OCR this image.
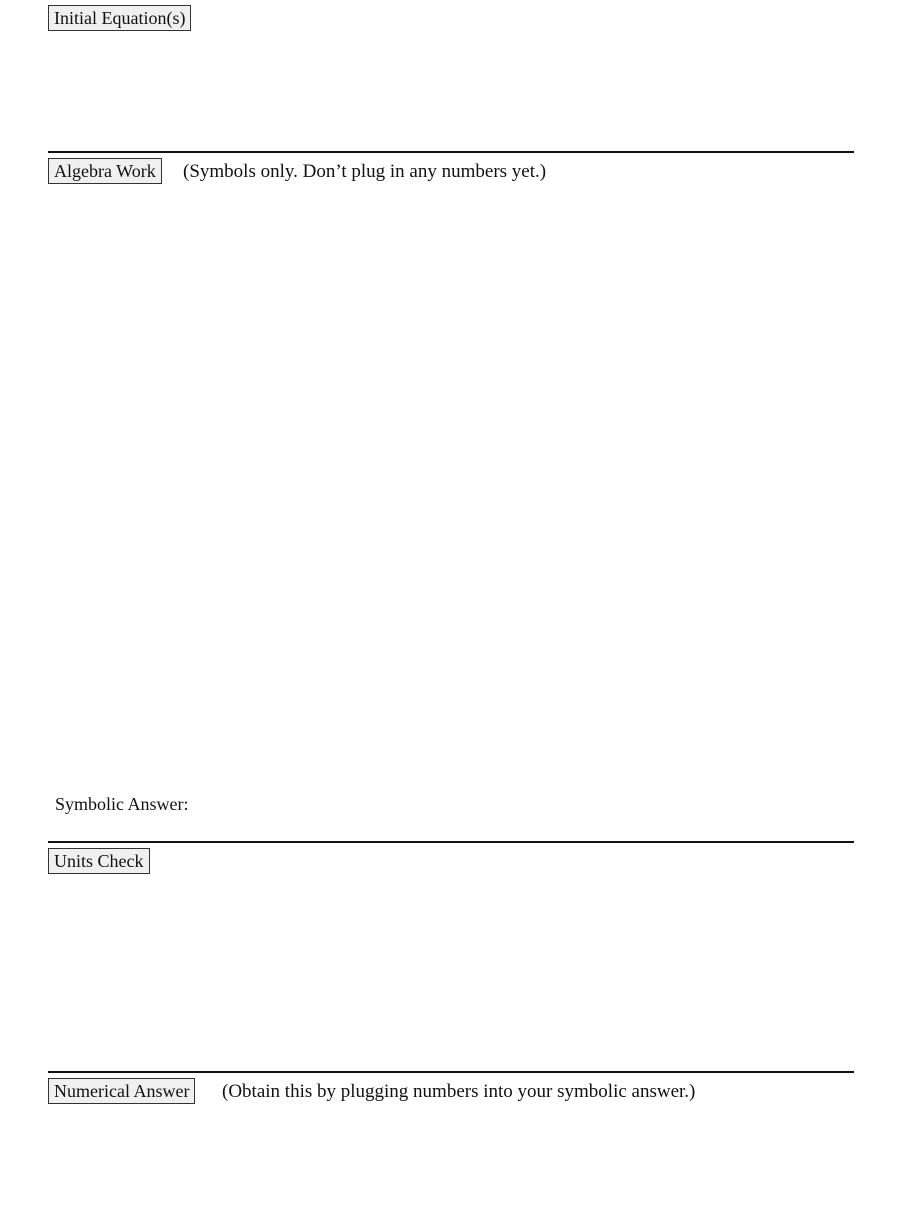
Initial Equation(s)
Algebra Work	(Symbols only. Don’t plug in any numbers yet.)
Symbolic Answer:
Units Check
Numerical Answer	(Obtain this by plugging numbers into your symbolic answer.)
